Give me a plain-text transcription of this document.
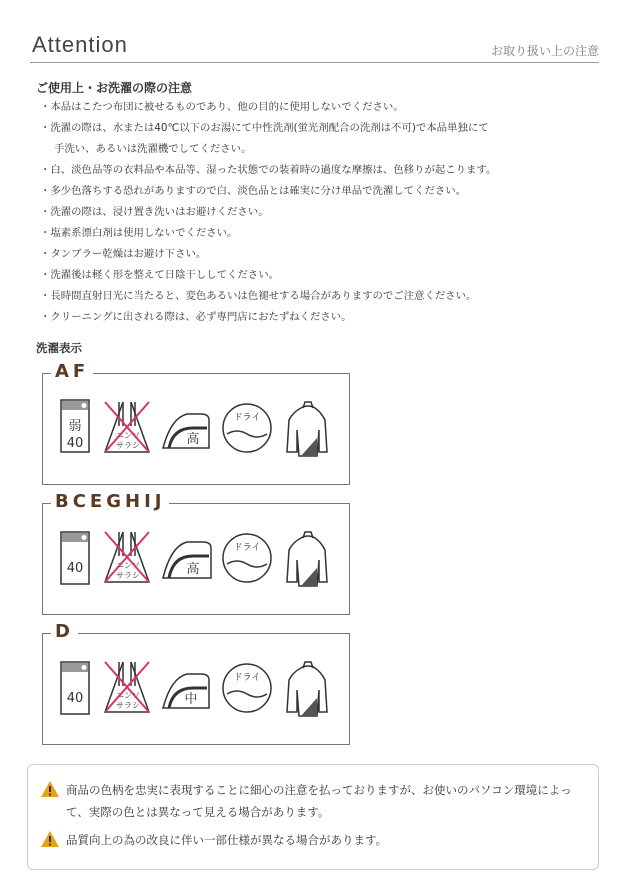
Attention	お取り扱い上の注意
ご使用上・お洗濯の際の注意
・本品はこたつ布団に被せるものであり、他の目的に使用しないでください。
・洗濯の際は、水または40℃以下のお湯にて中性洗剤(蛍光剤配合の洗剤は不可)で本品単独にて
手洗い、あるいは洗濯機でしてください。
・白、淡色品等の衣料品や本品等、湿った状態での装着時の過度な摩擦は、色移りが起こります。
・多少色落ちする恐れがありますので白、淡色品とは確実に分け単品で洗濯してください。
・洗濯の際は、浸け置き洗いはお避けください。
・塩素系漂白剤は使用しないでください。
・タンブラー乾燥はお避け下さい。
・洗濯後は軽く形を整えて日陰干ししてください。
・長時間直射日光に当たると、変色あるいは色褪せする場合がありますのでご注意ください。
・クリーニングに出される際は、必ず専門店におたずねください。
洗濯表示
AF
弱
40
エンソ
サラシ	高
ドライ
BCEGHIJ
40	エンソ
サラシ	高
ドライ
D
40	エンソ
サラシ	中
ドライ
商品の色柄を忠実に表現することに細心の注意を払っておりますが、お使いのパソコン環境によっ
て、実際の色とは異なって見える場合があります。
品質向上の為の改良に伴い一部仕様が異なる場合があります。
